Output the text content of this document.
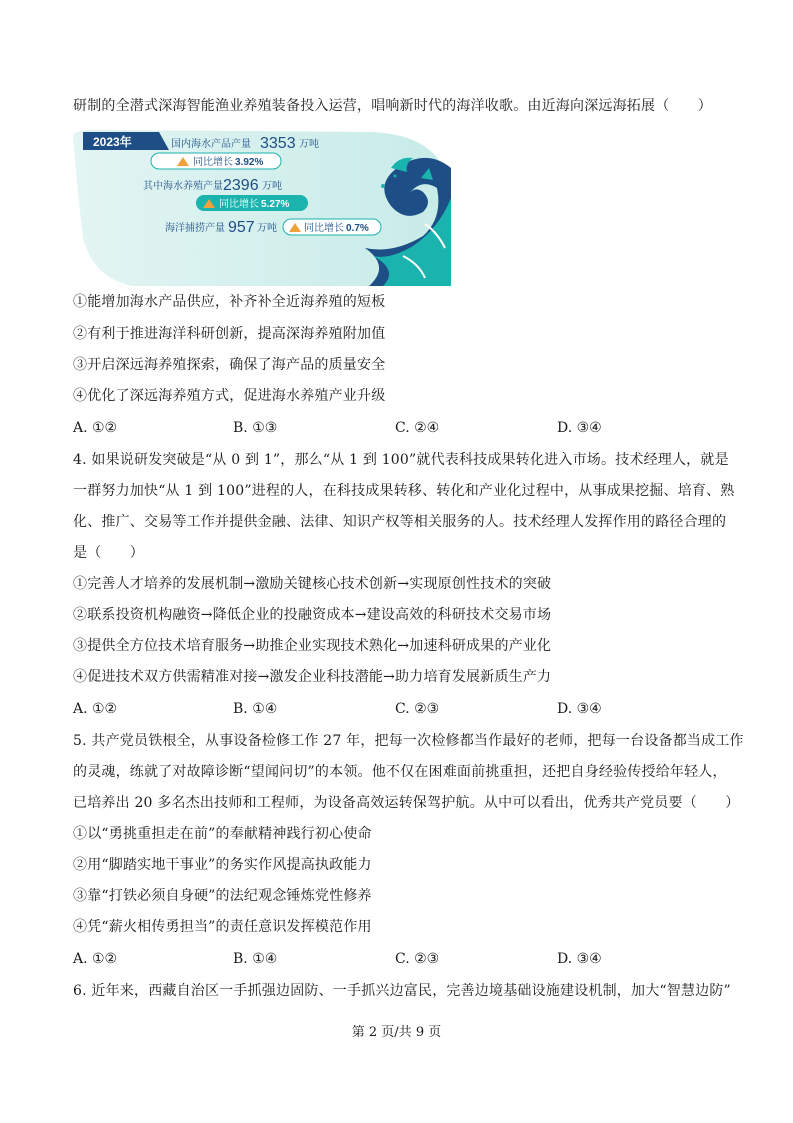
研制的全潜式深海智能渔业养殖装备投入运营，唱响新时代的海洋收歌。由近海向深远海拓展（　　）
2023年	国内海水产品产量 3353 万吨
同比增长 3.92%
其中海水养殖产量 2396 万吨
同比增长 5.27%
海洋捕捞产量 957 万吨	同比增长 0.7%
①能增加海水产品供应，补齐补全近海养殖的短板
②有利于推进海洋科研创新，提高深海养殖附加值
③开启深远海养殖探索，确保了海产品的质量安全
④优化了深远海养殖方式，促进海水养殖产业升级
A. ①②	B. ①③	C. ②④	D. ③④
4. 如果说研发突破是“从 0 到 1”，那么“从 1 到 100”就代表科技成果转化进入市场。技术经理人，就是
一群努力加快“从 1 到 100”进程的人，在科技成果转移、转化和产业化过程中，从事成果挖掘、培育、熟
化、推广、交易等工作并提供金融、法律、知识产权等相关服务的人。技术经理人发挥作用的路径合理的
是（　　）
①完善人才培养的发展机制→激励关键核心技术创新→实现原创性技术的突破
②联系投资机构融资→降低企业的投融资成本→建设高效的科研技术交易市场
③提供全方位技术培育服务→助推企业实现技术熟化→加速科研成果的产业化
④促进技术双方供需精准对接→激发企业科技潜能→助力培育发展新质生产力
A. ①②	B. ①④	C. ②③	D. ③④
5. 共产党员铁根全，从事设备检修工作 27 年，把每一次检修都当作最好的老师，把每一台设备都当成工作
的灵魂，练就了对故障诊断“望闻问切”的本领。他不仅在困难面前挑重担，还把自身经验传授给年轻人，
已培养出 20 多名杰出技师和工程师，为设备高效运转保驾护航。从中可以看出，优秀共产党员要（　　）
①以“勇挑重担走在前”的奉献精神践行初心使命
②用“脚踏实地干事业”的务实作风提高执政能力
③靠“打铁必须自身硬”的法纪观念锤炼党性修养
④凭“薪火相传勇担当”的责任意识发挥模范作用
A. ①②	B. ①④	C. ②③	D. ③④
6. 近年来，西藏自治区一手抓强边固防、一手抓兴边富民，完善边境基础设施建设机制，加大“智慧边防”
第 2 页/共 9 页
